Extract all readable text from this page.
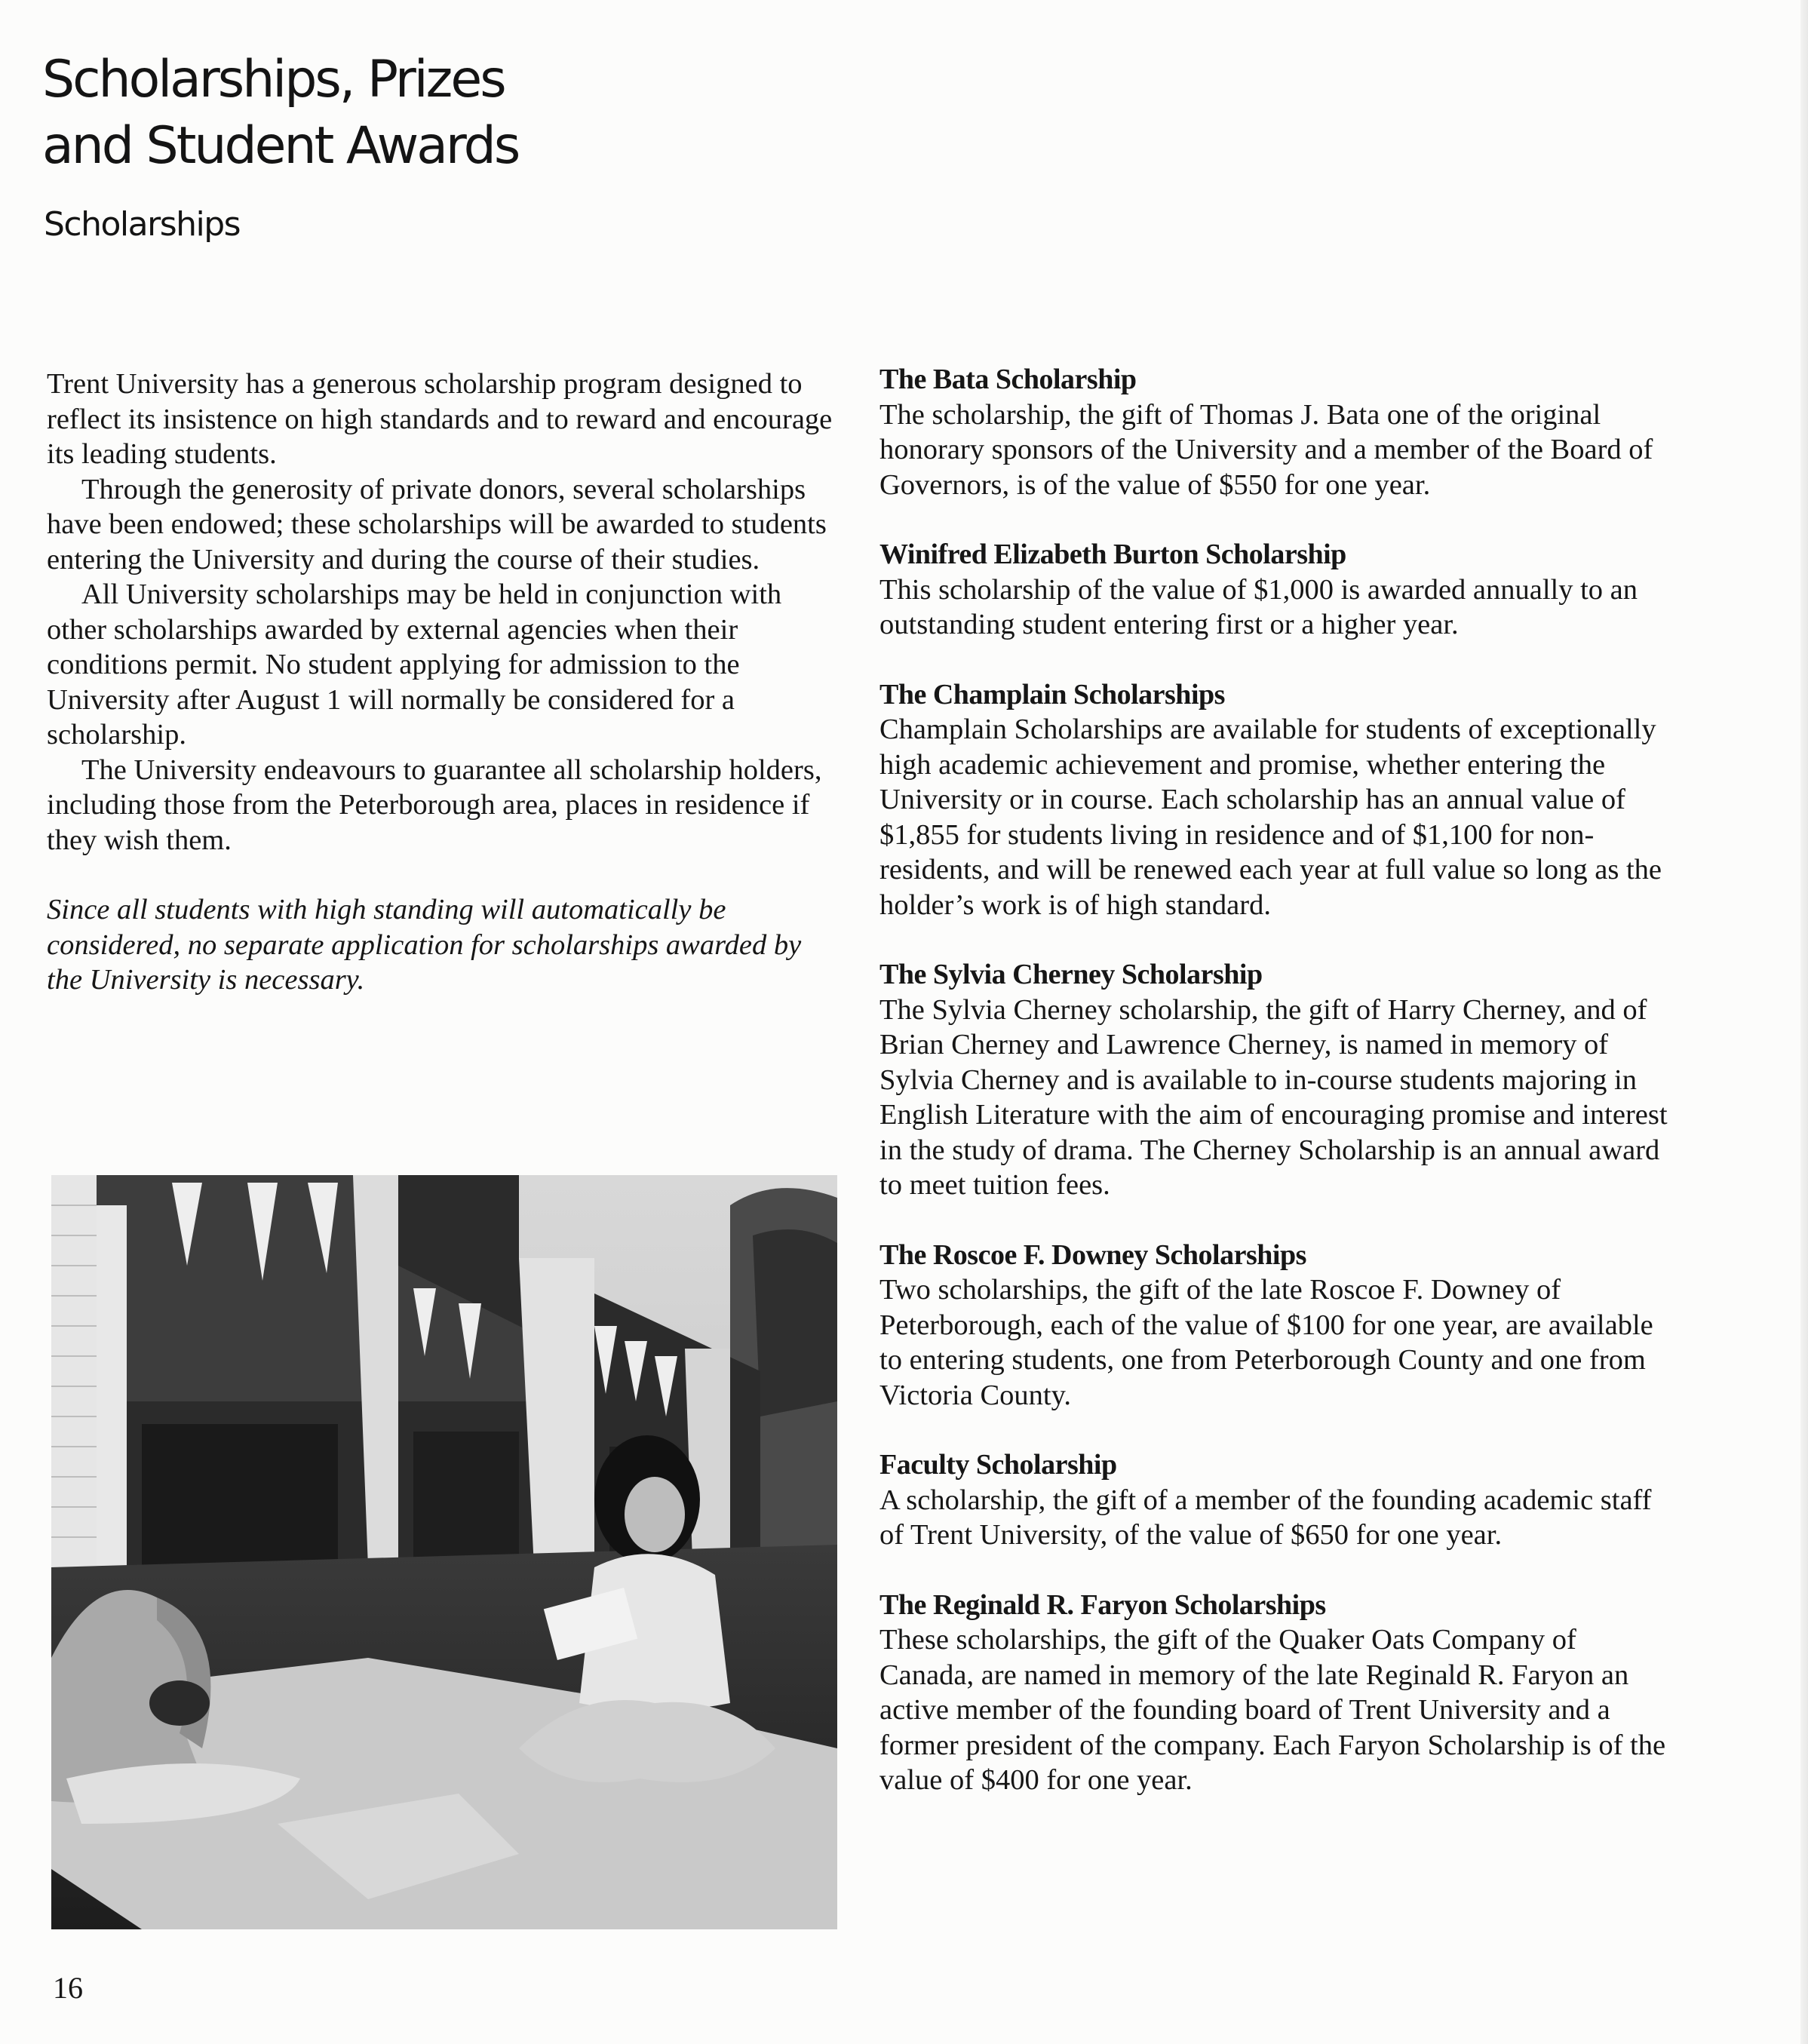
Scholarships, Prizes
and Student Awards
Scholarships

Trent University has a generous scholarship program designed to reflect its insistence on high standards and to reward and encourage its leading students.

Through the generosity of private donors, several scholarships have been endowed; these scholarships will be awarded to students entering the University and during the course of their studies.

All University scholarships may be held in conjunction with other scholarships awarded by external agencies when their conditions permit. No student applying for admission to the University after August 1 will normally be considered for a scholarship.

The University endeavours to guarantee all scholarship holders, including those from the Peterborough area, places in residence if they wish them.

Since all students with high standing will automatically be considered, no separate application for scholarships awarded by the University is necessary.

The Bata Scholarship

The scholarship, the gift of Thomas J. Bata one of the original honorary sponsors of the University and a member of the Board of Governors, is of the value of $550 for one year.

Winifred Elizabeth Burton Scholarship

This scholarship of the value of $1,000 is awarded annually to an outstanding student entering first or a higher year.

The Champlain Scholarships

Champlain Scholarships are available for students of exceptionally high academic achievement and promise, whether entering the University or in course. Each scholarship has an annual value of $1,855 for students living in residence and of $1,100 for non-residents, and will be renewed each year at full value so long as the holder’s work is of high standard.

The Sylvia Cherney Scholarship

The Sylvia Cherney scholarship, the gift of Harry Cherney, and of Brian Cherney and Lawrence Cherney, is named in memory of Sylvia Cherney and is available to in-course students majoring in English Literature with the aim of encouraging promise and interest in the study of drama. The Cherney Scholarship is an annual award to meet tuition fees.

The Roscoe F. Downey Scholarships

Two scholarships, the gift of the late Roscoe F. Downey of Peterborough, each of the value of $100 for one year, are available to entering students, one from Peterborough County and one from Victoria County.

Faculty Scholarship

A scholarship, the gift of a member of the founding academic staff of Trent University, of the value of $650 for one year.

The Reginald R. Faryon Scholarships

These scholarships, the gift of the Quaker Oats Company of Canada, are named in memory of the late Reginald R. Faryon an active member of the founding board of Trent University and a former president of the company. Each Faryon Scholarship is of the value of $400 for one year.

16
